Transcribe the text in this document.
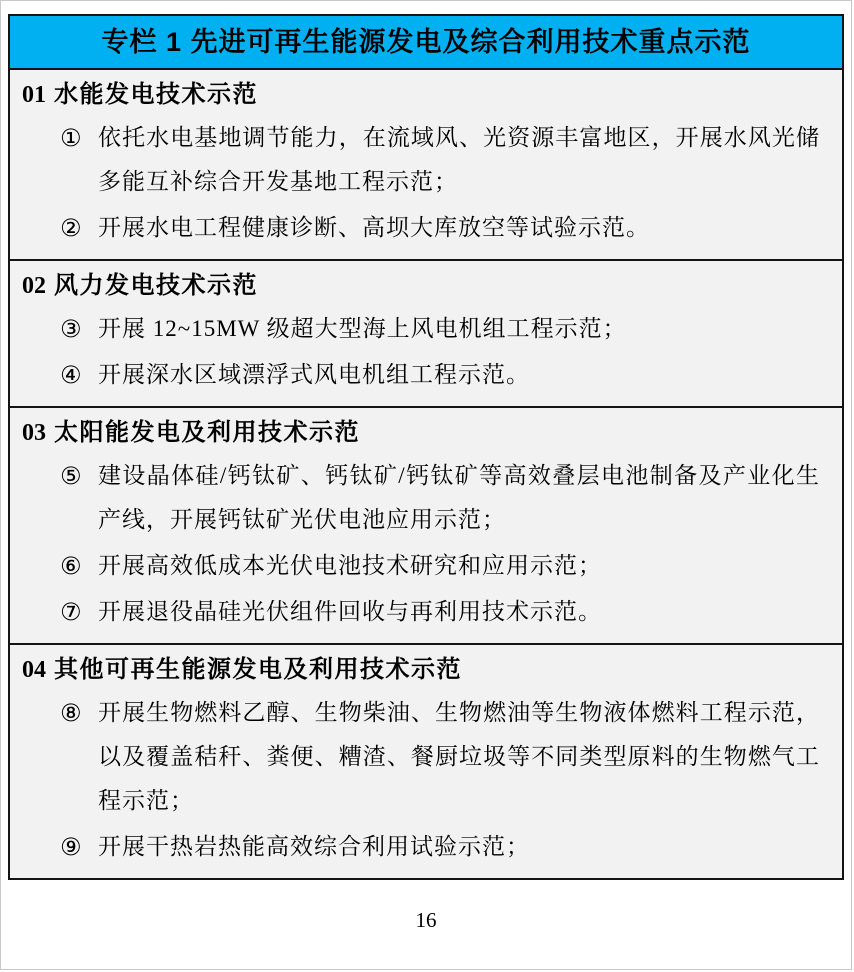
专栏 1 先进可再生能源发电及综合利用技术重点示范
01 水能发电技术示范
① 依托水电基地调节能力，在流域风、光资源丰富地区，开展水风光储多能互补综合开发基地工程示范；
② 开展水电工程健康诊断、高坝大库放空等试验示范。
02 风力发电技术示范
③ 开展 12~15MW 级超大型海上风电机组工程示范；
④ 开展深水区域漂浮式风电机组工程示范。
03 太阳能发电及利用技术示范
⑤ 建设晶体硅/钙钛矿、钙钛矿/钙钛矿等高效叠层电池制备及产业化生产线，开展钙钛矿光伏电池应用示范；
⑥ 开展高效低成本光伏电池技术研究和应用示范；
⑦ 开展退役晶硅光伏组件回收与再利用技术示范。
04 其他可再生能源发电及利用技术示范
⑧ 开展生物燃料乙醇、生物柴油、生物燃油等生物液体燃料工程示范，以及覆盖秸秆、粪便、糟渣、餐厨垃圾等不同类型原料的生物燃气工程示范；
⑨ 开展干热岩热能高效综合利用试验示范；
16
